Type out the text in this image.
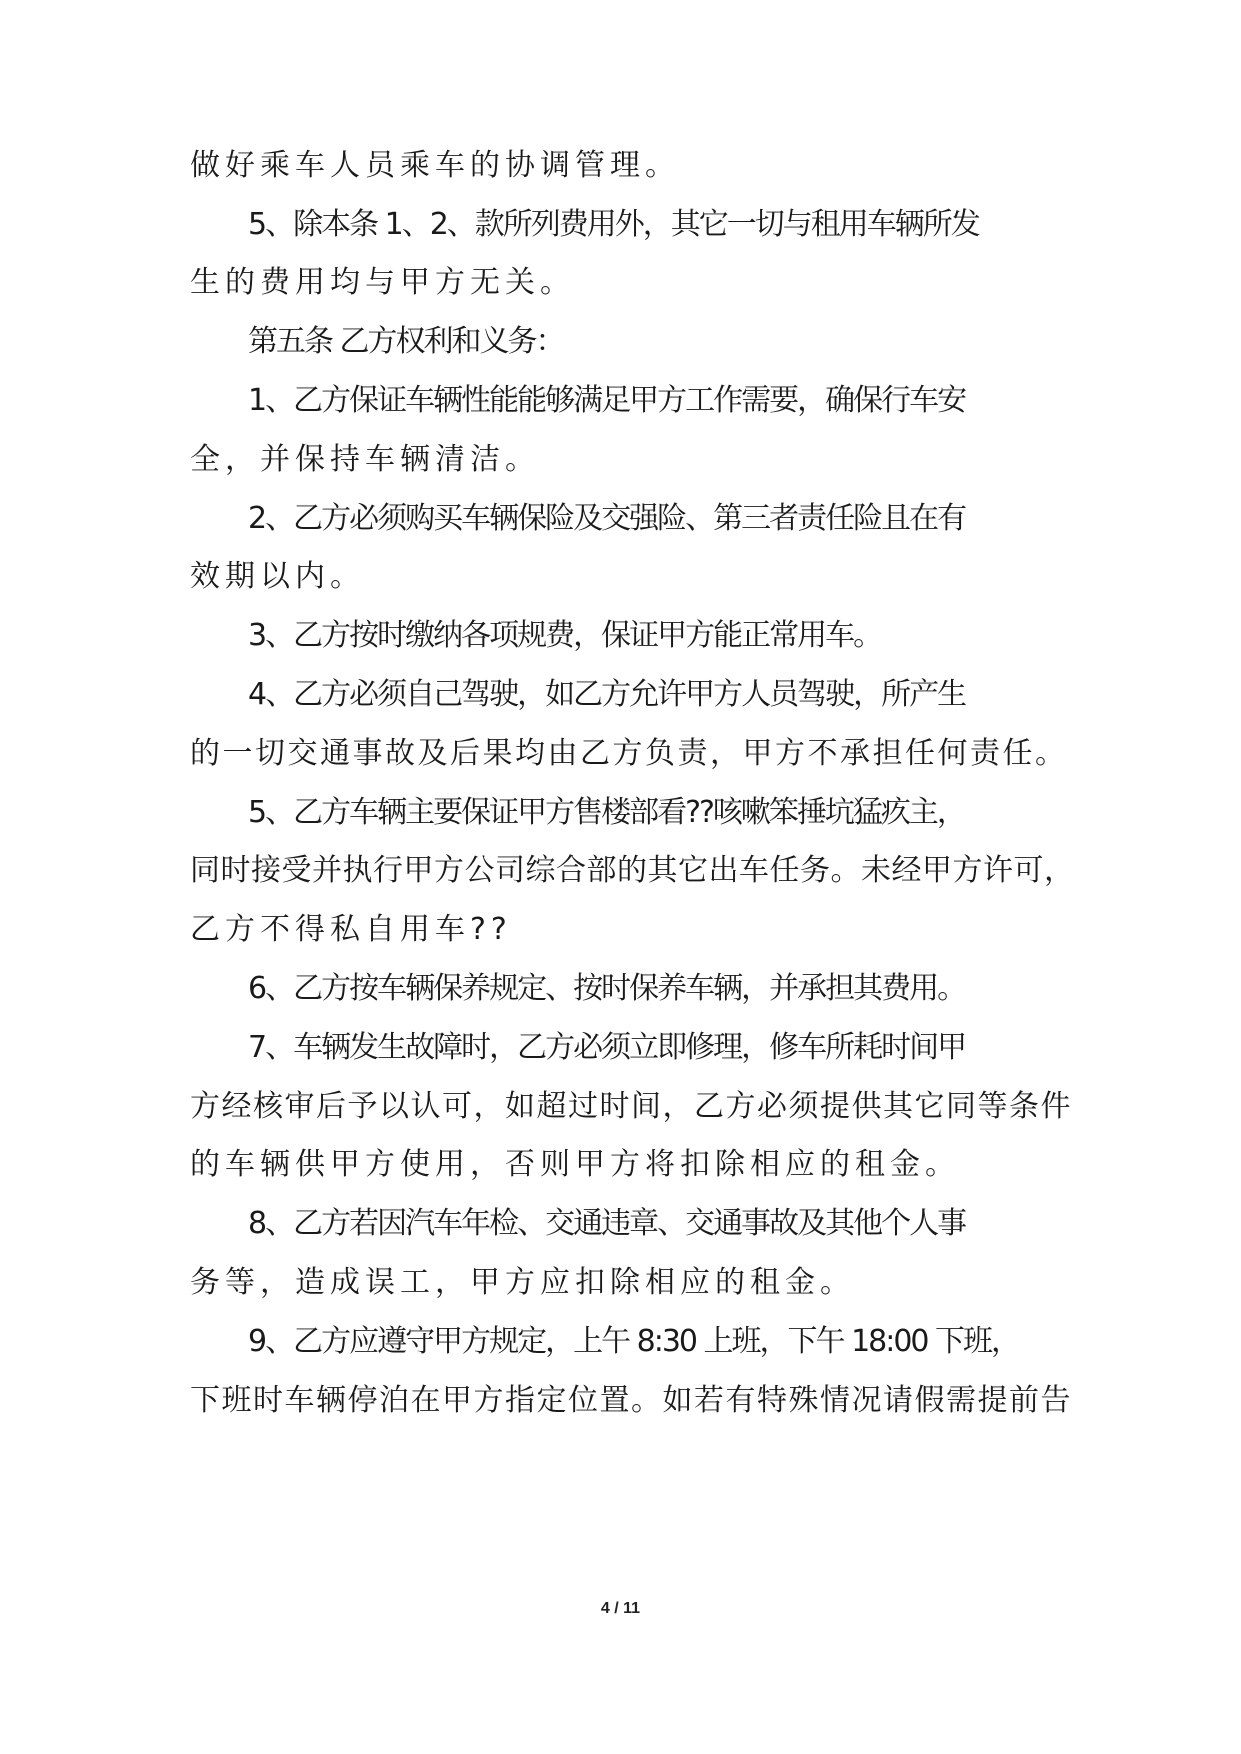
做好乘车人员乘车的协调管理。
5、除本条 1、2、款所列费用外，其它一切与租用车辆所发
生的费用均与甲方无关。
第五条 乙方权利和义务：
1、乙方保证车辆性能能够满足甲方工作需要，确保行车安
全，并保持车辆清洁。
2、乙方必须购买车辆保险及交强险、第三者责任险且在有
效期以内。
3、乙方按时缴纳各项规费，保证甲方能正常用车。
4、乙方必须自己驾驶，如乙方允许甲方人员驾驶，所产生
的一切交通事故及后果均由乙方负责，甲方不承担任何责任。
5、乙方车辆主要保证甲方售楼部看??咳嗽笨捶坑猛疚主，
同时接受并执行甲方公司综合部的其它出车任务。未经甲方许可，
乙方不得私自用车??
6、乙方按车辆保养规定、按时保养车辆，并承担其费用。
7、车辆发生故障时，乙方必须立即修理，修车所耗时间甲
方经核审后予以认可，如超过时间，乙方必须提供其它同等条件
的车辆供甲方使用，否则甲方将扣除相应的租金。
8、乙方若因汽车年检、交通违章、交通事故及其他个人事
务等，造成误工，甲方应扣除相应的租金。
9、乙方应遵守甲方规定，上午 8:30 上班，下午 18:00 下班，
下班时车辆停泊在甲方指定位置。如若有特殊情况请假需提前告
4 / 11
